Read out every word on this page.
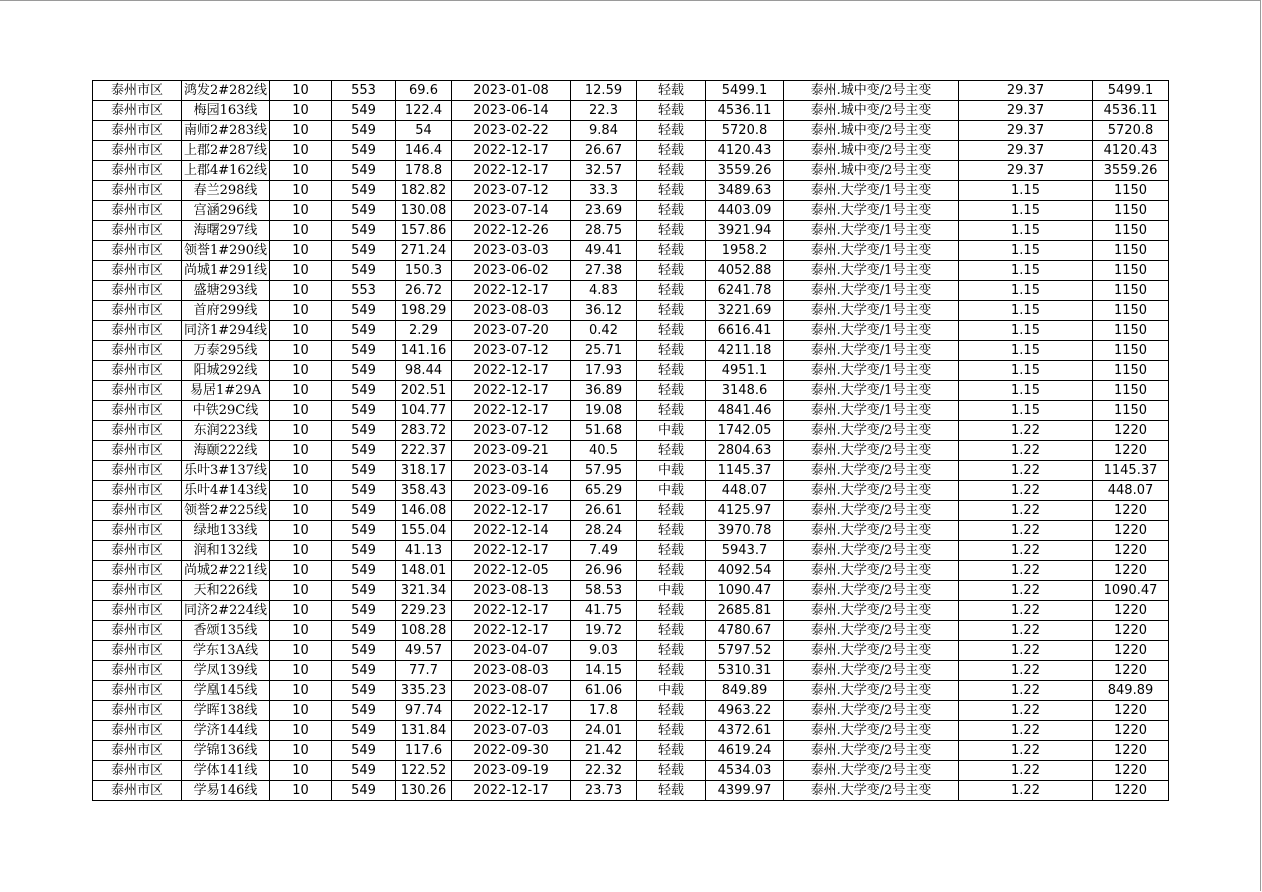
泰州市区	鸿发2#282线	10	553	69.6	2023-01-08	12.59	轻载	5499.1	泰州.城中变/2号主变	29.37	5499.1
泰州市区	梅园163线	10	549	122.4	2023-06-14	22.3	轻载	4536.11	泰州.城中变/2号主变	29.37	4536.11
泰州市区	南师2#283线	10	549	54	2023-02-22	9.84	轻载	5720.8	泰州.城中变/2号主变	29.37	5720.8
泰州市区	上郡2#287线	10	549	146.4	2022-12-17	26.67	轻载	4120.43	泰州.城中变/2号主变	29.37	4120.43
泰州市区	上郡4#162线	10	549	178.8	2022-12-17	32.57	轻载	3559.26	泰州.城中变/2号主变	29.37	3559.26
泰州市区	春兰298线	10	549	182.82	2023-07-12	33.3	轻载	3489.63	泰州.大学变/1号主变	1.15	1150
泰州市区	宫涵296线	10	549	130.08	2023-07-14	23.69	轻载	4403.09	泰州.大学变/1号主变	1.15	1150
泰州市区	海曙297线	10	549	157.86	2022-12-26	28.75	轻载	3921.94	泰州.大学变/1号主变	1.15	1150
泰州市区	领誉1#290线	10	549	271.24	2023-03-03	49.41	轻载	1958.2	泰州.大学变/1号主变	1.15	1150
泰州市区	尚城1#291线	10	549	150.3	2023-06-02	27.38	轻载	4052.88	泰州.大学变/1号主变	1.15	1150
泰州市区	盛塘293线	10	553	26.72	2022-12-17	4.83	轻载	6241.78	泰州.大学变/1号主变	1.15	1150
泰州市区	首府299线	10	549	198.29	2023-08-03	36.12	轻载	3221.69	泰州.大学变/1号主变	1.15	1150
泰州市区	同济1#294线	10	549	2.29	2023-07-20	0.42	轻载	6616.41	泰州.大学变/1号主变	1.15	1150
泰州市区	万泰295线	10	549	141.16	2023-07-12	25.71	轻载	4211.18	泰州.大学变/1号主变	1.15	1150
泰州市区	阳城292线	10	549	98.44	2022-12-17	17.93	轻载	4951.1	泰州.大学变/1号主变	1.15	1150
泰州市区	易居1#29A	10	549	202.51	2022-12-17	36.89	轻载	3148.6	泰州.大学变/1号主变	1.15	1150
泰州市区	中铁29C线	10	549	104.77	2022-12-17	19.08	轻载	4841.46	泰州.大学变/1号主变	1.15	1150
泰州市区	东润223线	10	549	283.72	2023-07-12	51.68	中载	1742.05	泰州.大学变/2号主变	1.22	1220
泰州市区	海颐222线	10	549	222.37	2023-09-21	40.5	轻载	2804.63	泰州.大学变/2号主变	1.22	1220
泰州市区	乐叶3#137线	10	549	318.17	2023-03-14	57.95	中载	1145.37	泰州.大学变/2号主变	1.22	1145.37
泰州市区	乐叶4#143线	10	549	358.43	2023-09-16	65.29	中载	448.07	泰州.大学变/2号主变	1.22	448.07
泰州市区	领誉2#225线	10	549	146.08	2022-12-17	26.61	轻载	4125.97	泰州.大学变/2号主变	1.22	1220
泰州市区	绿地133线	10	549	155.04	2022-12-14	28.24	轻载	3970.78	泰州.大学变/2号主变	1.22	1220
泰州市区	润和132线	10	549	41.13	2022-12-17	7.49	轻载	5943.7	泰州.大学变/2号主变	1.22	1220
泰州市区	尚城2#221线	10	549	148.01	2022-12-05	26.96	轻载	4092.54	泰州.大学变/2号主变	1.22	1220
泰州市区	天和226线	10	549	321.34	2023-08-13	58.53	中载	1090.47	泰州.大学变/2号主变	1.22	1090.47
泰州市区	同济2#224线	10	549	229.23	2022-12-17	41.75	轻载	2685.81	泰州.大学变/2号主变	1.22	1220
泰州市区	香颂135线	10	549	108.28	2022-12-17	19.72	轻载	4780.67	泰州.大学变/2号主变	1.22	1220
泰州市区	学东13A线	10	549	49.57	2023-04-07	9.03	轻载	5797.52	泰州.大学变/2号主变	1.22	1220
泰州市区	学凤139线	10	549	77.7	2023-08-03	14.15	轻载	5310.31	泰州.大学变/2号主变	1.22	1220
泰州市区	学凰145线	10	549	335.23	2023-08-07	61.06	中载	849.89	泰州.大学变/2号主变	1.22	849.89
泰州市区	学晖138线	10	549	97.74	2022-12-17	17.8	轻载	4963.22	泰州.大学变/2号主变	1.22	1220
泰州市区	学济144线	10	549	131.84	2023-07-03	24.01	轻载	4372.61	泰州.大学变/2号主变	1.22	1220
泰州市区	学锦136线	10	549	117.6	2022-09-30	21.42	轻载	4619.24	泰州.大学变/2号主变	1.22	1220
泰州市区	学体141线	10	549	122.52	2023-09-19	22.32	轻载	4534.03	泰州.大学变/2号主变	1.22	1220
泰州市区	学易146线	10	549	130.26	2022-12-17	23.73	轻载	4399.97	泰州.大学变/2号主变	1.22	1220
